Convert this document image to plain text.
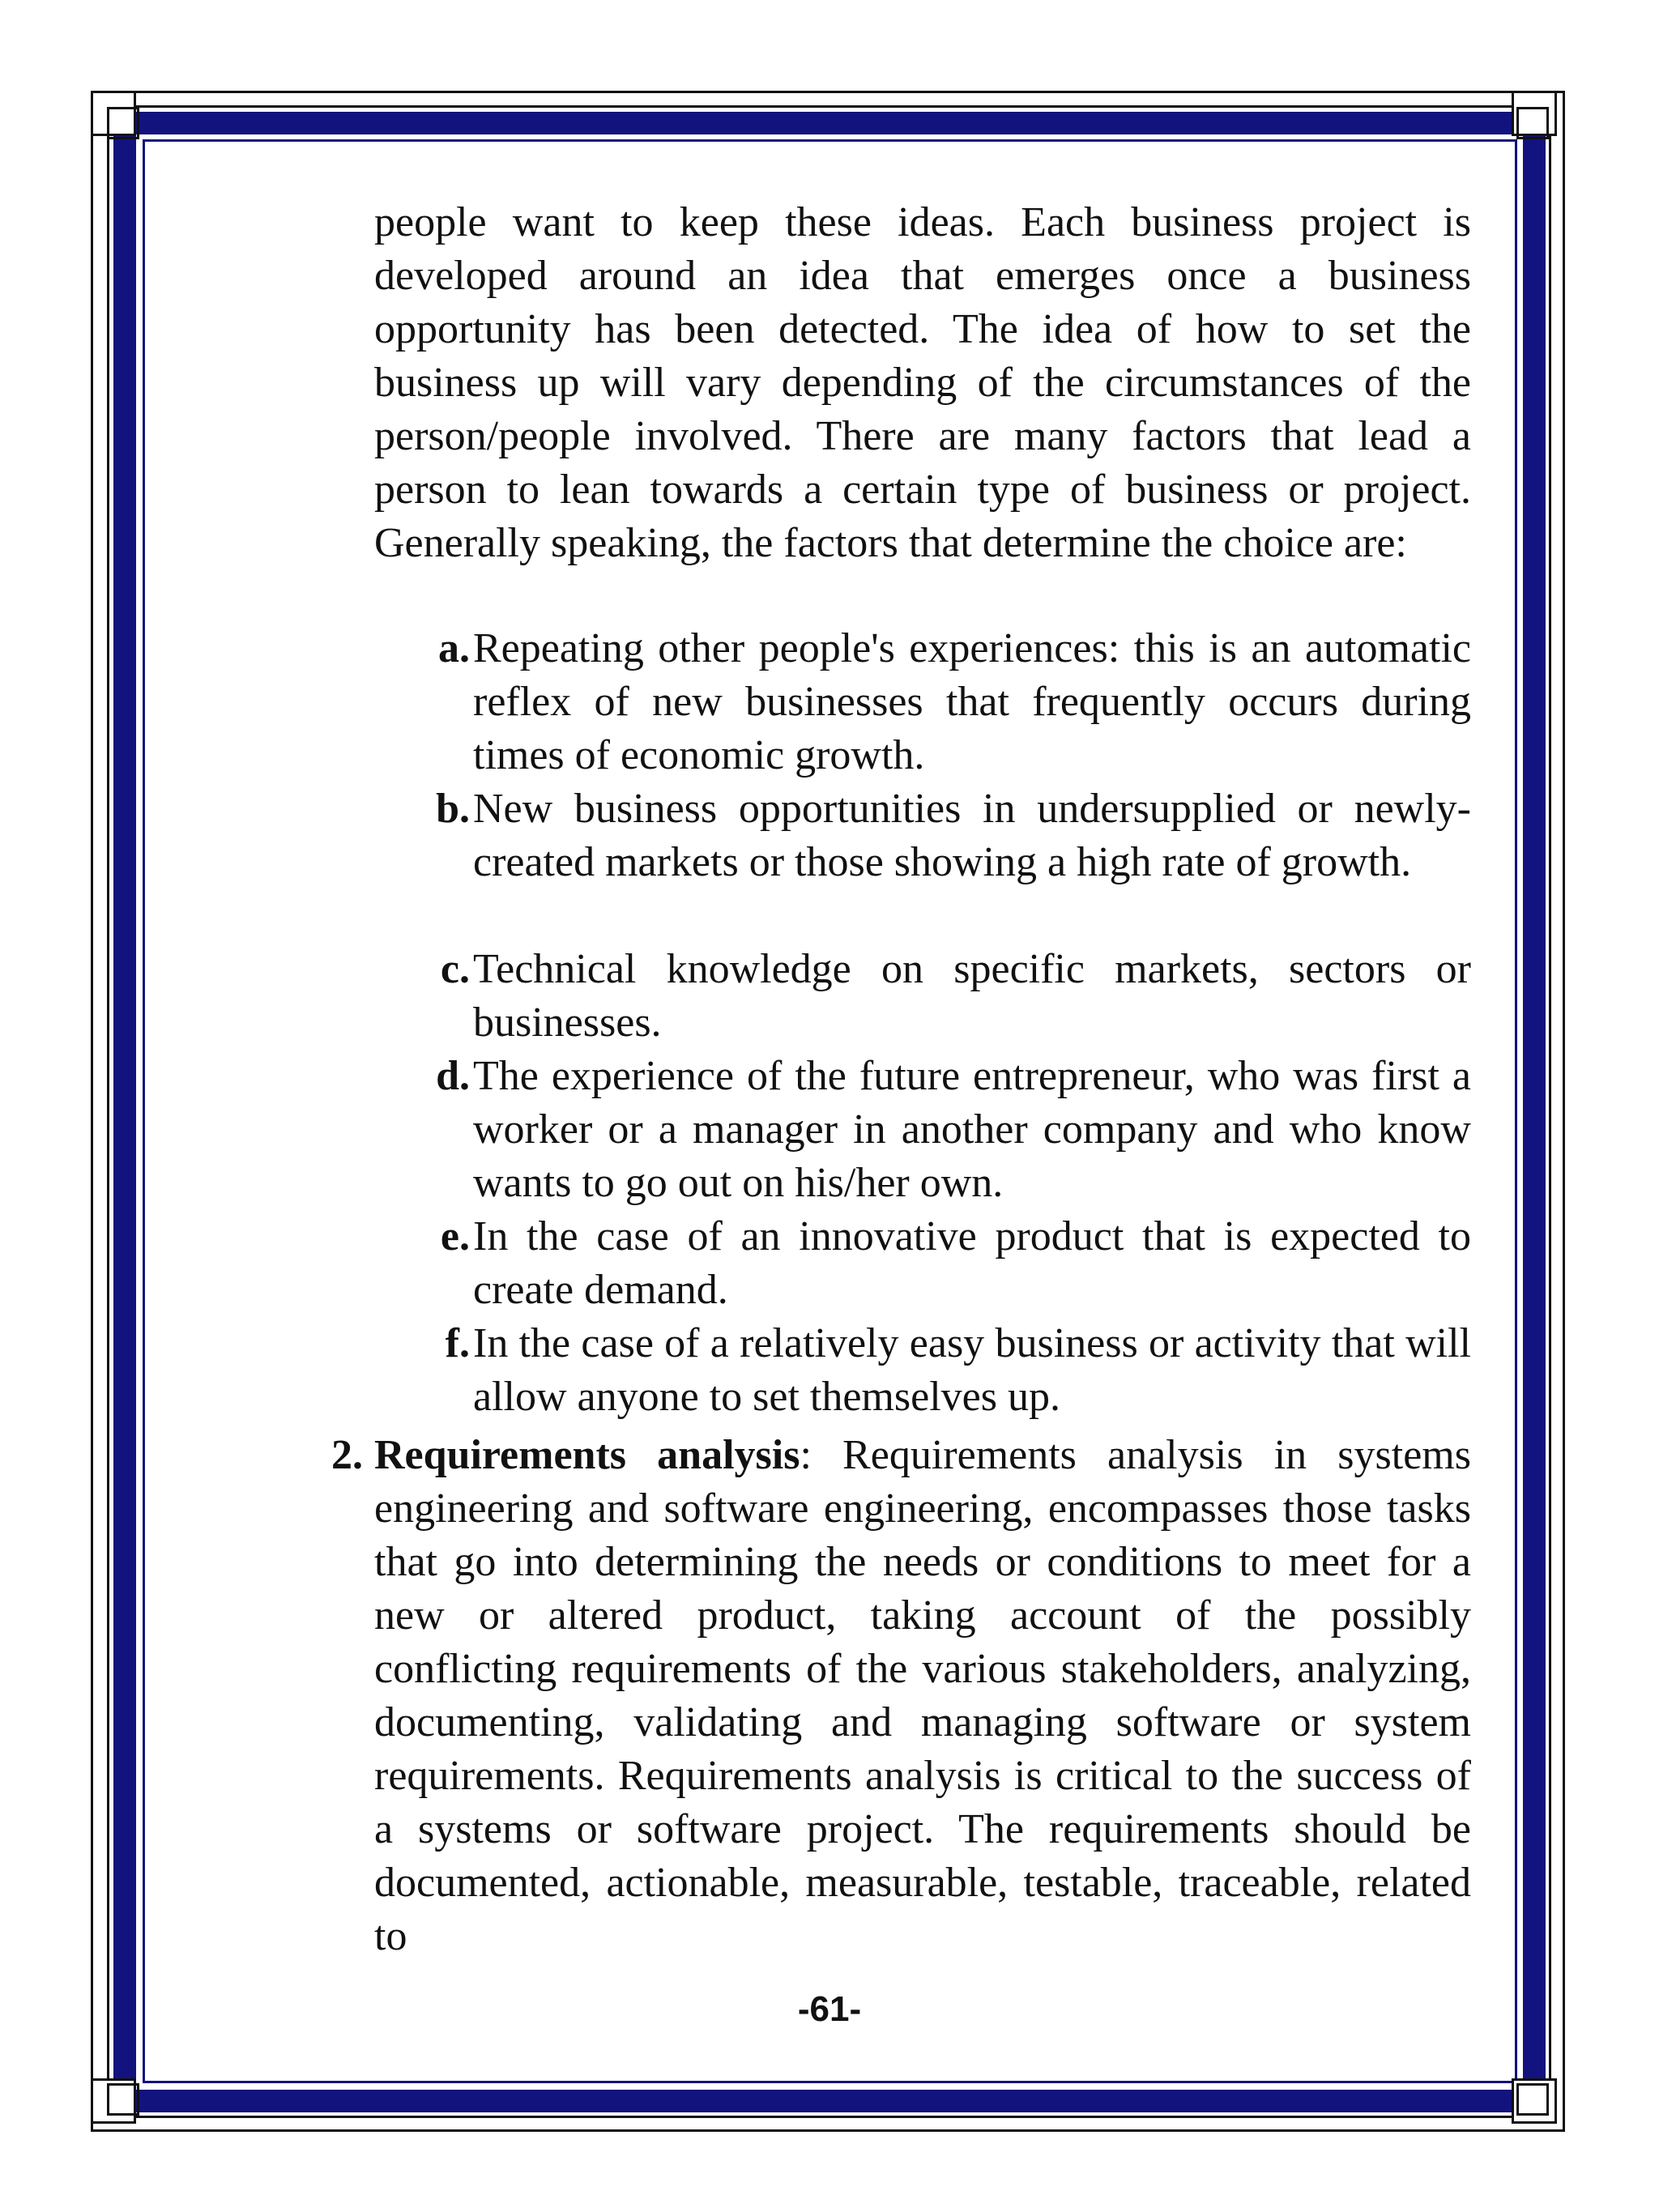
people want to keep these ideas. Each business project is developed around an idea that emerges once a business opportunity has been detected. The idea of how to set the business up will vary depending of the circumstances of the person/people involved. There are many factors that lead a person to lean towards a certain type of business or project. Generally speaking, the factors that determine the choice are:
a. Repeating other people's experiences: this is an automatic reflex of new businesses that frequently occurs during times of economic growth.
b. New business opportunities in undersupplied or newly-created markets or those showing a high rate of growth.
c. Technical knowledge on specific markets, sectors or businesses.
d. The experience of the future entrepreneur, who was first a worker or a manager in another company and who know wants to go out on his/her own.
e. In the case of an innovative product that is expected to create demand.
f. In the case of a relatively easy business or activity that will allow anyone to set themselves up.
2. Requirements analysis: Requirements analysis in systems engineering and software engineering, encompasses those tasks that go into determining the needs or conditions to meet for a new or altered product, taking account of the possibly conflicting requirements of the various stakeholders, analyzing, documenting, validating and managing software or system requirements. Requirements analysis is critical to the success of a systems or software project. The requirements should be documented, actionable, measurable, testable, traceable, related to
-61-
